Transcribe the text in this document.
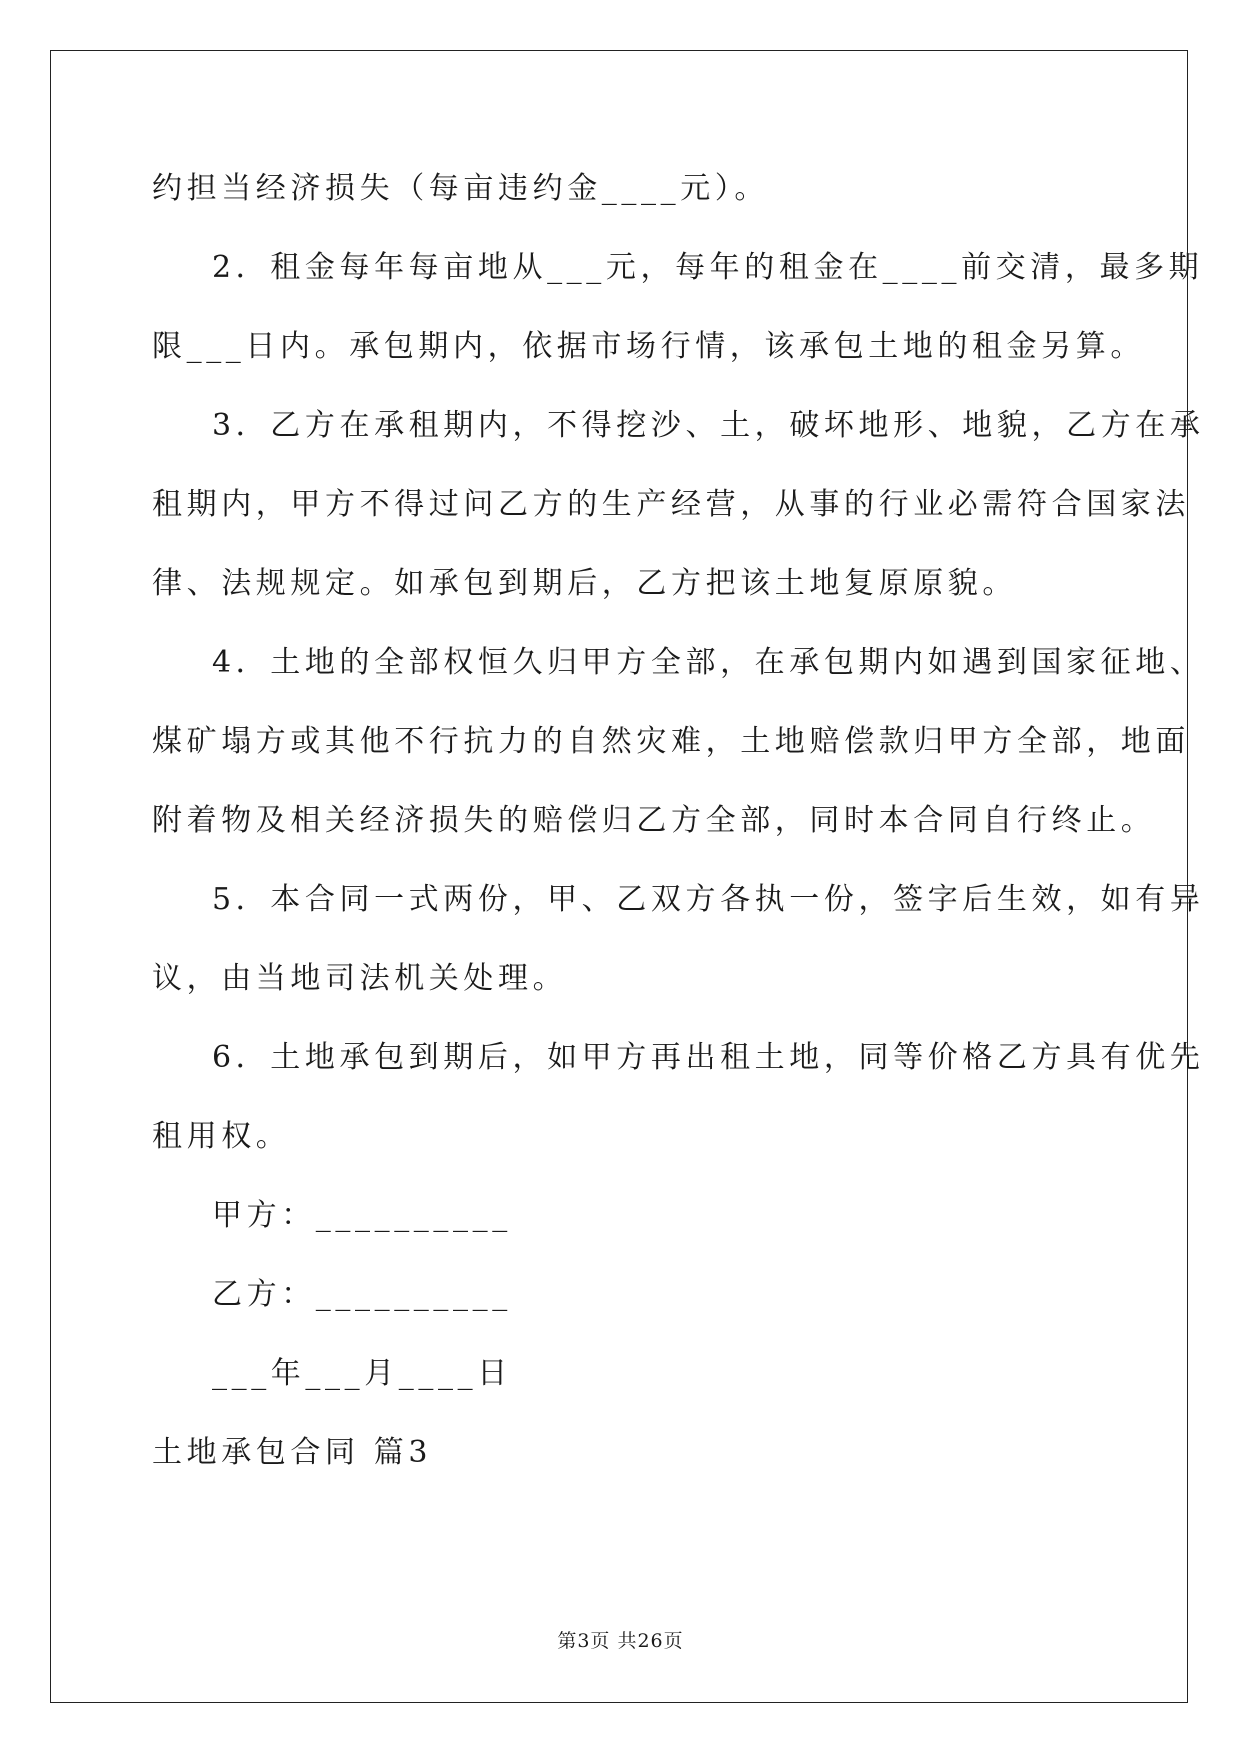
约担当经济损失（每亩违约金____元）。
2．租金每年每亩地从___元，每年的租金在____前交清，最多期
限___日内。承包期内，依据市场行情，该承包土地的租金另算。
3．乙方在承租期内，不得挖沙、土，破坏地形、地貌，乙方在承
租期内，甲方不得过问乙方的生产经营，从事的行业必需符合国家法
律、法规规定。如承包到期后，乙方把该土地复原原貌。
4．土地的全部权恒久归甲方全部，在承包期内如遇到国家征地、
煤矿塌方或其他不行抗力的自然灾难，土地赔偿款归甲方全部，地面
附着物及相关经济损失的赔偿归乙方全部，同时本合同自行终止。
5．本合同一式两份，甲、乙双方各执一份，签字后生效，如有异
议，由当地司法机关处理。
6．土地承包到期后，如甲方再出租土地，同等价格乙方具有优先
租用权。
甲方：__________
乙方：__________
___年___月____日
土地承包合同 篇3
第3页 共26页
